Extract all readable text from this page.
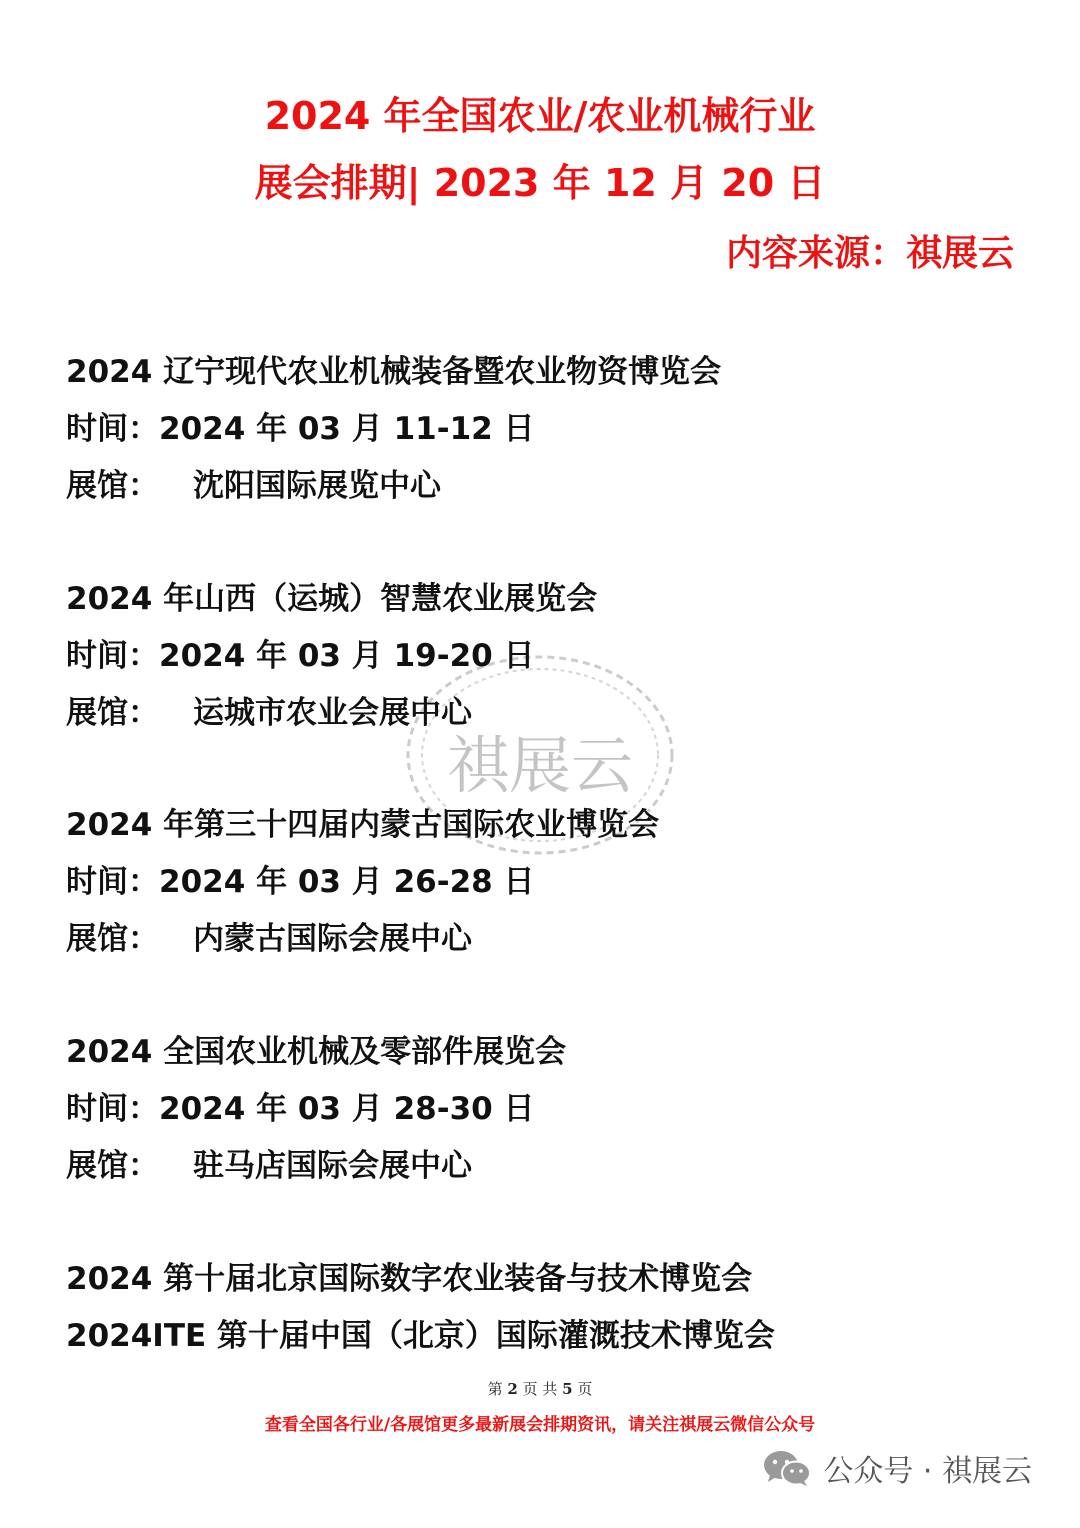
2024 年全国农业/农业机械行业
展会排期| 2023 年 12 月 20 日
内容来源：祺展云
祺展云
2024 辽宁现代农业机械装备暨农业物资博览会
时间：2024 年 03 月 11-12 日
展馆： 沈阳国际展览中心
2024 年山西（运城）智慧农业展览会
时间：2024 年 03 月 19-20 日
展馆： 运城市农业会展中心
2024 年第三十四届内蒙古国际农业博览会
时间：2024 年 03 月 26-28 日
展馆： 内蒙古国际会展中心
2024 全国农业机械及零部件展览会
时间：2024 年 03 月 28-30 日
展馆： 驻马店国际会展中心
2024 第十届北京国际数字农业装备与技术博览会
2024ITE 第十届中国（北京）国际灌溉技术博览会
第 2 页 共 5 页
查看全国各行业/各展馆更多最新展会排期资讯，请关注祺展云微信公众号
公众号 · 祺展云
